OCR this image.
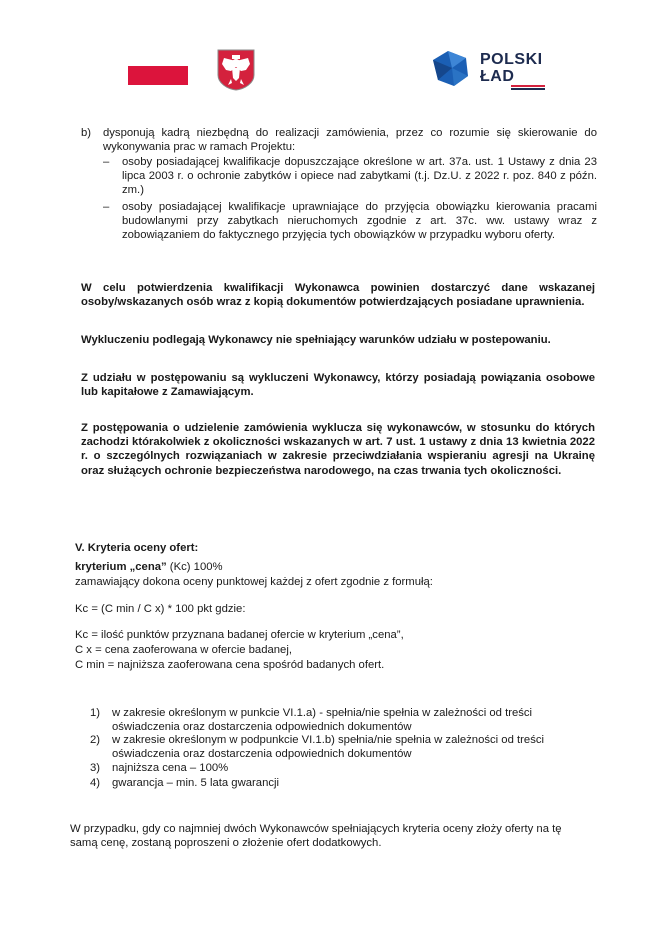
POLSKI
ŁAD
b) dysponują kadrą niezbędną do realizacji zamówienia, przez co rozumie się skierowanie do wykonywania prac w ramach Projektu:
– osoby posiadającej kwalifikacje dopuszczające określone w art. 37a. ust. 1 Ustawy z dnia 23 lipca 2003 r. o ochronie zabytków i opiece nad zabytkami (t.j. Dz.U. z 2022 r. poz. 840 z późn. zm.)
– osoby posiadającej kwalifikacje uprawniające do przyjęcia obowiązku kierowania pracami budowlanymi przy zabytkach nieruchomych zgodnie z art. 37c. ww. ustawy wraz z zobowiązaniem do faktycznego przyjęcia tych obowiązków w przypadku wyboru oferty.
W celu potwierdzenia kwalifikacji Wykonawca powinien dostarczyć dane wskazanej osoby/wskazanych osób wraz z kopią dokumentów potwierdzających posiadane uprawnienia.
Wykluczeniu podlegają Wykonawcy nie spełniający warunków udziału w postepowaniu.
Z udziału w postępowaniu są wykluczeni Wykonawcy, którzy posiadają powiązania osobowe lub kapitałowe z Zamawiającym.
Z postępowania o udzielenie zamówienia wyklucza się wykonawców, w stosunku do których zachodzi którakolwiek z okoliczności wskazanych w art. 7 ust. 1 ustawy z dnia 13 kwietnia 2022 r. o szczególnych rozwiązaniach w zakresie przeciwdziałania wspieraniu agresji na Ukrainę oraz służących ochronie bezpieczeństwa narodowego, na czas trwania tych okoliczności.
V. Kryteria oceny ofert:
kryterium „cena” (Kc) 100%
zamawiający dokona oceny punktowej każdej z ofert zgodnie z formułą:
Kc = (C min / C x) * 100 pkt gdzie:
Kc = ilość punktów przyznana badanej ofercie w kryterium „cena”,
C x = cena zaoferowana w ofercie badanej,
C min = najniższa zaoferowana cena spośród badanych ofert.
1) w zakresie określonym w punkcie VI.1.a) - spełnia/nie spełnia w zależności od treści
oświadczenia oraz dostarczenia odpowiednich dokumentów
2) w zakresie określonym w podpunkcie VI.1.b) spełnia/nie spełnia w zależności od treści
oświadczenia oraz dostarczenia odpowiednich dokumentów
3) najniższa cena – 100%
4) gwarancja – min. 5 lata gwarancji
W przypadku, gdy co najmniej dwóch Wykonawców spełniających kryteria oceny złoży oferty na tę samą cenę, zostaną poproszeni o złożenie ofert dodatkowych.
